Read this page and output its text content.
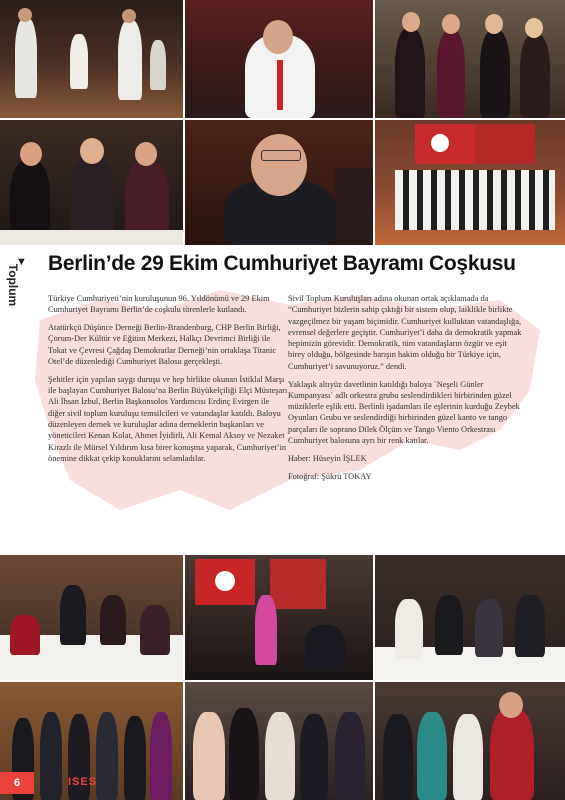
▼
Toplum
Berlin’de 29 Ekim Cumhuriyet Bayramı Coşkusu

Türkiye Cumhuriyeti’nin kuruluşunun 96. Yıldönümü ve 29 Ekim Cumhuriyet Bayramı Berlin’de coşkulu törenlerle kutlandı.

Atatürkçü Düşünce Derneği Berlin-Brandenburg, CHP Berlin Birliği, Çorum-Der Kültür ve Eğitim Merkezi, Halkçı Devrimci Birliği ile Tokat ve Çevresi Çağdaş Demokratlar Derneği’nin ortaklaşa Titanic Otel’de düzenlediği Cumhuriyet Balosu gerçekleşti.

Şehitler için yapılan saygı duruşu ve hep birlikte okunan İstiklal Marşı ile başlayan Cumhuriyet Balosu’na Berlin Büyükelçiliği Elçi Müsteşarı Ali İhsan İzbul, Berlin Başkonsolos Yardımcısı Erdinç Evirgen ile diğer sivil toplum kuruluşu temsilcileri ve vatandaşlar katıldı. Baloyu düzenleyen dernek ve kuruluşlar adına derneklerin başkanları ve yöneticileri Kenan Kolat, Ahmet İyidirli, Ali Kemal Aksoy ve Nezaket Kirazlı ile Mürsel Yıldırım kısa birer konuşma yaparak, Cumhuriyet’in önemine dikkat çekip konuklarını selamladılar.

Sivil Toplum Kuruluşları adına okunan ortak açıklamada da “Cumhuriyet bizlerin sahip çıktığı bir sistem olup, laiklikle birlikte vazgeçilmez bir yaşam biçimidir. Cumhuriyet kulluktan vatandaşlığa, evrensel değerlere geçiştir. Cumhuriyet’i daha da demokratik yapmak hepimizin görevidir. Demokratik, tüm vatandaşların özgür ve eşit birey olduğu, bölgesinde barışın hakim olduğu bir Türkiye için, Cumhuriyet’i savunuyoruz.” dendi.

Yaklaşık altıyüz davetlinin katıldığı baloya `Neşeli Günler Kumpanyası` adlı orkestra grubu seslendirdikleri birbirinden güzel müziklerle eşlik etti. Berlinli işadamları ile eşlerinin kurduğu Zeybek Oyunları Grubu ve seslendirdiği birbirinden güzel kanto ve tango parçaları ile soprano Dilek Ölçüm ve Tango Viento Orkestrası Cumhuriyet balosuna ayrı bir renk katılar.

Haber: Hüseyin İŞLEK

Fotoğraf: Şükrü TOKAY

6	ISES
